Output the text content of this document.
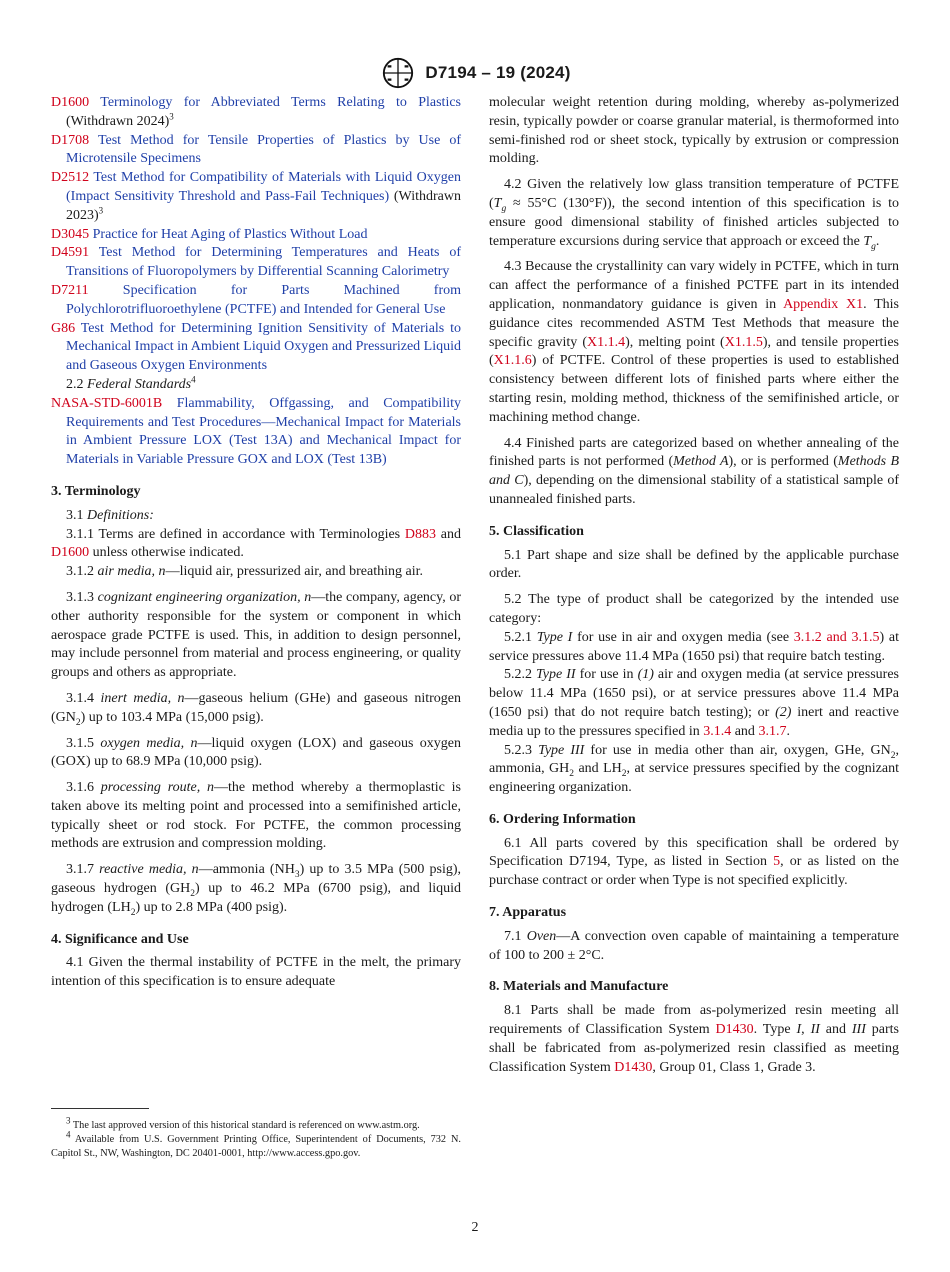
D7194 – 19 (2024)

D1600 Terminology for Abbreviated Terms Relating to Plastics (Withdrawn 2024)$^3$

D1708 Test Method for Tensile Properties of Plastics by Use of Microtensile Specimens

D2512 Test Method for Compatibility of Materials with Liquid Oxygen (Impact Sensitivity Threshold and Pass-Fail Techniques) (Withdrawn 2023)$^3$

D3045 Practice for Heat Aging of Plastics Without Load

D4591 Test Method for Determining Temperatures and Heats of Transitions of Fluoropolymers by Differential Scanning Calorimetry

D7211 Specification for Parts Machined from Polychlorotrifluoroethylene (PCTFE) and Intended for General Use

G86 Test Method for Determining Ignition Sensitivity of Materials to Mechanical Impact in Ambient Liquid Oxygen and Pressurized Liquid and Gaseous Oxygen Environments

2.2 Federal Standards$^4$

NASA-STD-6001B Flammability, Offgassing, and Compatibility Requirements and Test Procedures—Mechanical Impact for Materials in Ambient Pressure LOX (Test 13A) and Mechanical Impact for Materials in Variable Pressure GOX and LOX (Test 13B)

3. Terminology

3.1 Definitions:

3.1.1 Terms are defined in accordance with Terminologies D883 and D1600 unless otherwise indicated.

3.1.2 air media, n—liquid air, pressurized air, and breathing air.

3.1.3 cognizant engineering organization, n—the company, agency, or other authority responsible for the system or component in which aerospace grade PCTFE is used. This, in addition to design personnel, may include personnel from material and process engineering, or quality groups and others as appropriate.

3.1.4 inert media, n—gaseous helium (GHe) and gaseous nitrogen $(GN_2)$ up to 103.4 MPa (15,000 psig).

3.1.5 oxygen media, n—liquid oxygen (LOX) and gaseous oxygen (GOX) up to 68.9 MPa (10,000 psig).

3.1.6 processing route, n—the method whereby a thermoplastic is taken above its melting point and processed into a semifinished article, typically sheet or rod stock. For PCTFE, the common processing methods are extrusion and compression molding.

3.1.7 reactive media, n—ammonia $(NH_3)$ up to 3.5 MPa (500 psig), gaseous hydrogen $(GH_2)$ up to 46.2 MPa (6700 psig), and liquid hydrogen $(LH_2)$ up to 2.8 MPa (400 psig).

4. Significance and Use

4.1 Given the thermal instability of PCTFE in the melt, the primary intention of this specification is to ensure adequate

molecular weight retention during molding, whereby as-polymerized resin, typically powder or coarse granular material, is thermoformed into semi-finished rod or sheet stock, typically by extrusion or compression molding.

4.2 Given the relatively low glass transition temperature of PCTFE ($T_g \approx 55^\circ C$ (130°F)), the second intention of this specification is to ensure good dimensional stability of finished articles subjected to temperature excursions during service that approach or exceed the $T_g$.

4.3 Because the crystallinity can vary widely in PCTFE, which in turn can affect the performance of a finished PCTFE part in its intended application, nonmandatory guidance is given in Appendix X1. This guidance cites recommended ASTM Test Methods that measure the specific gravity (X1.1.4), melting point (X1.1.5), and tensile properties (X1.1.6) of PCTFE. Control of these properties is used to established consistency between different lots of finished parts where either the starting resin, molding method, thickness of the semifinished article, or machining method change.

4.4 Finished parts are categorized based on whether annealing of the finished parts is not performed (Method A), or is performed (Methods B and C), depending on the dimensional stability of a statistical sample of unannealed finished parts.

5. Classification

5.1 Part shape and size shall be defined by the applicable purchase order.

5.2 The type of product shall be categorized by the intended use category:

5.2.1 Type I for use in air and oxygen media (see 3.1.2 and 3.1.5) at service pressures above 11.4 MPa (1650 psi) that require batch testing.

5.2.2 Type II for use in (1) air and oxygen media (at service pressures below 11.4 MPa (1650 psi), or at service pressures above 11.4 MPa (1650 psi) that do not require batch testing); or (2) inert and reactive media up to the pressures specified in 3.1.4 and 3.1.7.

5.2.3 Type III for use in media other than air, oxygen, GHe, $GN_2$, ammonia, $GH_2$ and $LH_2$, at service pressures specified by the cognizant engineering organization.

6. Ordering Information

6.1 All parts covered by this specification shall be ordered by Specification D7194, Type, as listed in Section 5, or as listed on the purchase contract or order when Type is not specified explicitly.

7. Apparatus

7.1 Oven—A convection oven capable of maintaining a temperature of 100 to 200 ± 2°C.

8. Materials and Manufacture

8.1 Parts shall be made from as-polymerized resin meeting all requirements of Classification System D1430. Type I, II and III parts shall be fabricated from as-polymerized resin classified as meeting Classification System D1430, Group 01, Class 1, Grade 3.

$^3$ The last approved version of this historical standard is referenced on www.astm.org.

$^4$ Available from U.S. Government Printing Office, Superintendent of Documents, 732 N. Capitol St., NW, Washington, DC 20401-0001, http://www.access.gpo.gov.

2
